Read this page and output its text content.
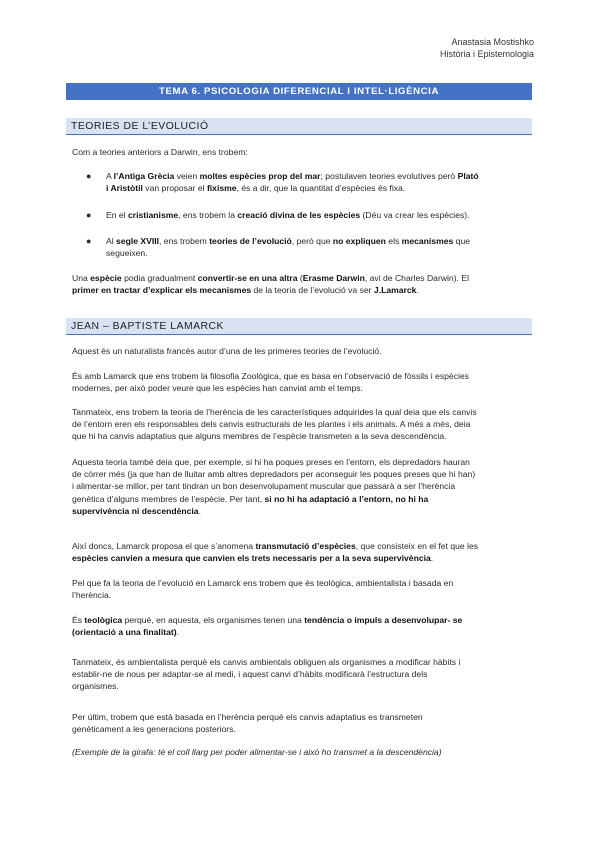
Anastasia Mostishko
Història i Epistemologia
TEMA 6. PSICOLOGIA DIFERENCIAL I INTEL·LIGÈNCIA
TEORIES DE L’EVOLUCIÓ
Com a teories anteriors a Darwin, ens trobem:
● A l’Antiga Grècia veien moltes espècies prop del mar; postulaven teories evolutives però Plató
i Aristòtil van proposar el fixisme, és a dir, que la quantitat d’espècies és fixa.
● En el cristianisme, ens trobem la creació divina de les espècies (Déu va crear les espècies).
● Al segle XVIII, ens trobem teories de l’evolució, però que no expliquen els mecanismes que
segueixen.
Una espècie podia gradualment convertir-se en una altra (Erasme Darwin, avi de Charles Darwin). El
primer en tractar d’explicar els mecanismes de la teoria de l’evolució va ser J.Lamarck.
JEAN – BAPTISTE LAMARCK
Aquest és un naturalista francès autor d’una de les primeres teories de l’evolució.
És amb Lamarck que ens trobem la filosofia Zoològica, que es basa en l’observació de fòssils i espècies
modernes, per això poder veure que les espècies han canviat amb el temps.
Tanmateix, ens trobem la teoria de l’herència de les característiques adquirides la qual deia que els canvis
de l’entorn eren els responsables dels canvis estructurals de les plantes i els animals. A més a més, deia
que hi ha canvis adaptatius que alguns membres de l’espècie transmeten a la seva descendència.
Aquesta teoria també deia que, per exemple, si hi ha poques preses en l’entorn, els depredadors hauran
de córrer més (ja que han de lluitar amb altres depredadors per aconseguir les poques preses que hi han)
i alimentar-se millor, per tant tindran un bon desenvolupament muscular que passarà a ser l’herència
genètica d’alguns membres de l’espècie. Per tant, si no hi ha adaptació a l’entorn, no hi ha
supervivència ni descendència.
Així doncs, Lamarck proposa el que s’anomena transmutació d’espècies, que consisteix en el fet que les
espècies canvien a mesura que canvien els trets necessaris per a la seva supervivència.
Pel que fa la teoria de l’evolució en Lamarck ens trobem que és teològica, ambientalista i basada en
l’herència.
És teològica perquè, en aquesta, els organismes tenen una tendència o impuls a desenvolupar- se
(orientació a una finalitat).
Tanmateix, és ambientalista perquè els canvis ambientals obliguen als organismes a modificar hàbits i
establir-ne de nous per adaptar-se al medi, i aquest canvi d’hàbits modificarà l’estructura dels
organismes.
Per últim, trobem que està basada en l’herència perquè els canvis adaptatius es transmeten
genèticament a les generacions posteriors.
(Exemple de la girafa: té el coll llarg per poder alimentar-se i això ho transmet a la descendència)
